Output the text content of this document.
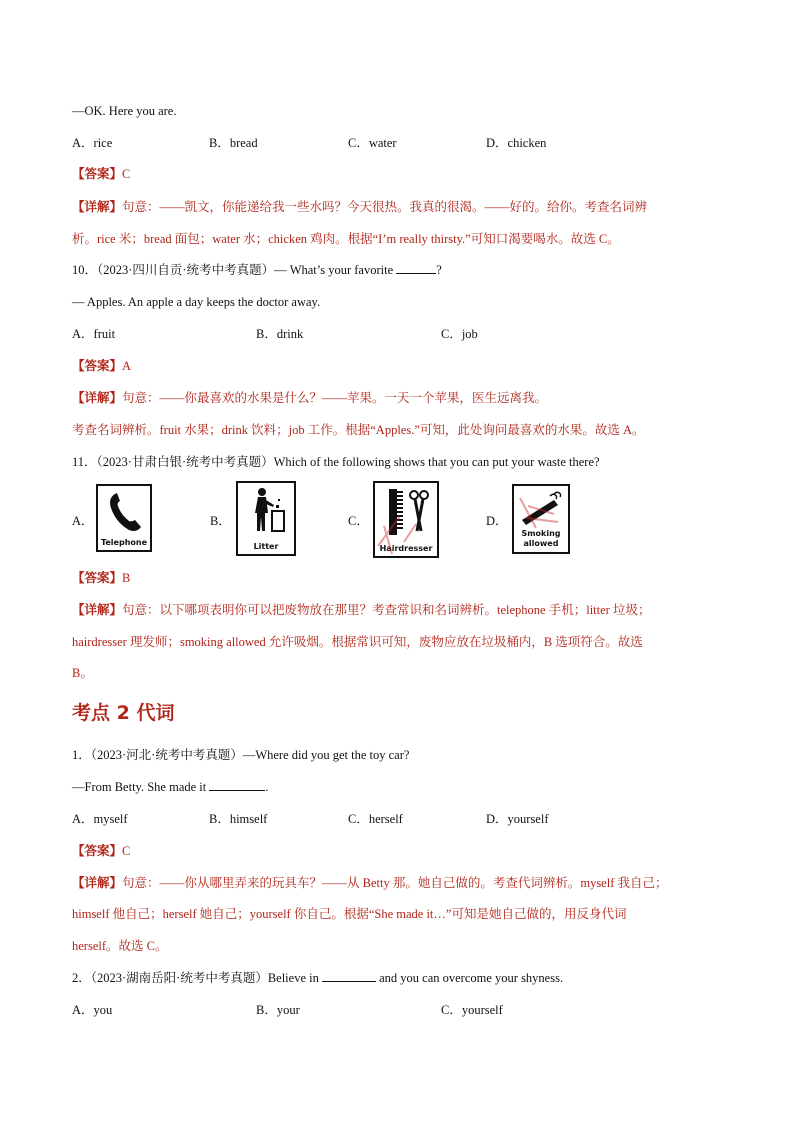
—OK. Here you are.
A．rice	B．bread	C．water	D．chicken
【答案】C
【详解】句意：——凯文，你能递给我一些水吗？今天很热。我真的很渴。——好的。给你。考查名词辨
析。rice 米；bread 面包；water 水；chicken 鸡肉。根据“I’m really thirsty.”可知口渴要喝水。故选 C。
10．（2023·四川自贡·统考中考真题）— What’s your favorite	?
— Apples. An apple a day keeps the doctor away.
A．fruit	B．drink	C．job
【答案】A
【详解】句意：——你最喜欢的水果是什么？——苹果。一天一个苹果，医生远离我。
考查名词辨析。fruit 水果；drink 饮料；job 工作。根据“Apples.”可知，此处询问最喜欢的水果。故选 A。
11．（2023·甘肃白银·统考中考真题）Which of the following shows that you can put your waste there?
A．
Telephone
B．
Litter
C．
Hairdresser
D．
Smoking
allowed
【答案】B
【详解】句意：以下哪项表明你可以把废物放在那里？考查常识和名词辨析。telephone 手机；litter 垃圾；
hairdresser 理发师；smoking allowed 允许吸烟。根据常识可知，废物应放在垃圾桶内，B 选项符合。故选
B。
考点 2 代词
1．（2023·河北·统考中考真题）—Where did you get the toy car?
—From Betty. She made it	.
A．myself	B．himself	C．herself	D．yourself
【答案】C
【详解】句意：——你从哪里弄来的玩具车？——从 Betty 那。她自己做的。考查代词辨析。myself 我自己；
himself 他自己；herself 她自己；yourself 你自己。根据“She made it…”可知是她自己做的，用反身代词
herself。故选 C。
2．（2023·湖南岳阳·统考中考真题）Believe in	and you can overcome your shyness.
A．you	B．your	C．yourself
